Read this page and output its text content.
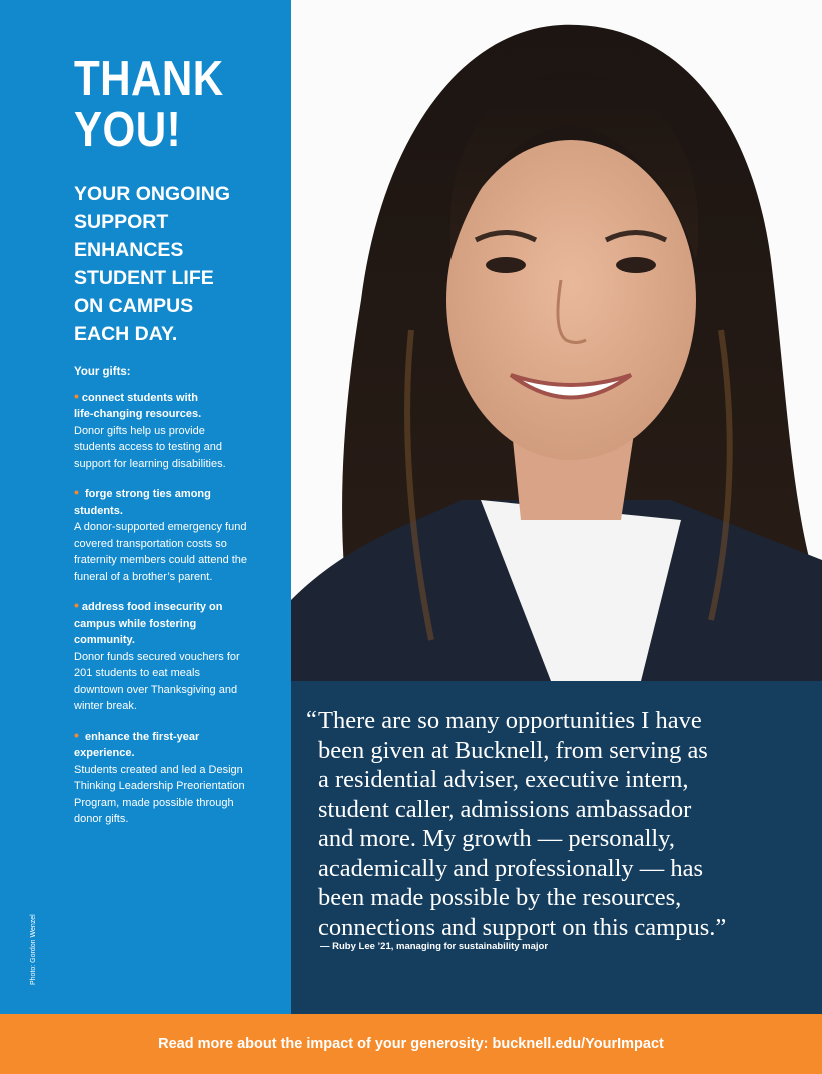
THANK
YOU!
YOUR ONGOING
SUPPORT
ENHANCES
STUDENT LIFE
ON CAMPUS
EACH DAY.
Your gifts:
• connect students with
life-changing resources.
Donor gifts help us provide
students access to testing and
support for learning disabilities.
• forge strong ties among
students.
A donor-supported emergency fund
covered transportation costs so
fraternity members could attend the
funeral of a brother’s parent.
• address food insecurity on
campus while fostering
community.
Donor funds secured vouchers for
201 students to eat meals
downtown over Thanksgiving and
winter break.
• enhance the first-year
experience.
Students created and led a Design
Thinking Leadership Preorientation
Program, made possible through
donor gifts.
Photo: Gordon Wenzel
“ There are so many opportunities I have
been given at Bucknell, from serving as
a residential adviser, executive intern,
student caller, admissions ambassador
and more. My growth — personally,
academically and professionally — has
been made possible by the resources,
connections and support on this campus.”
— Ruby Lee ’21, managing for sustainability major
Read more about the impact of your generosity: bucknell.edu/YourImpact
